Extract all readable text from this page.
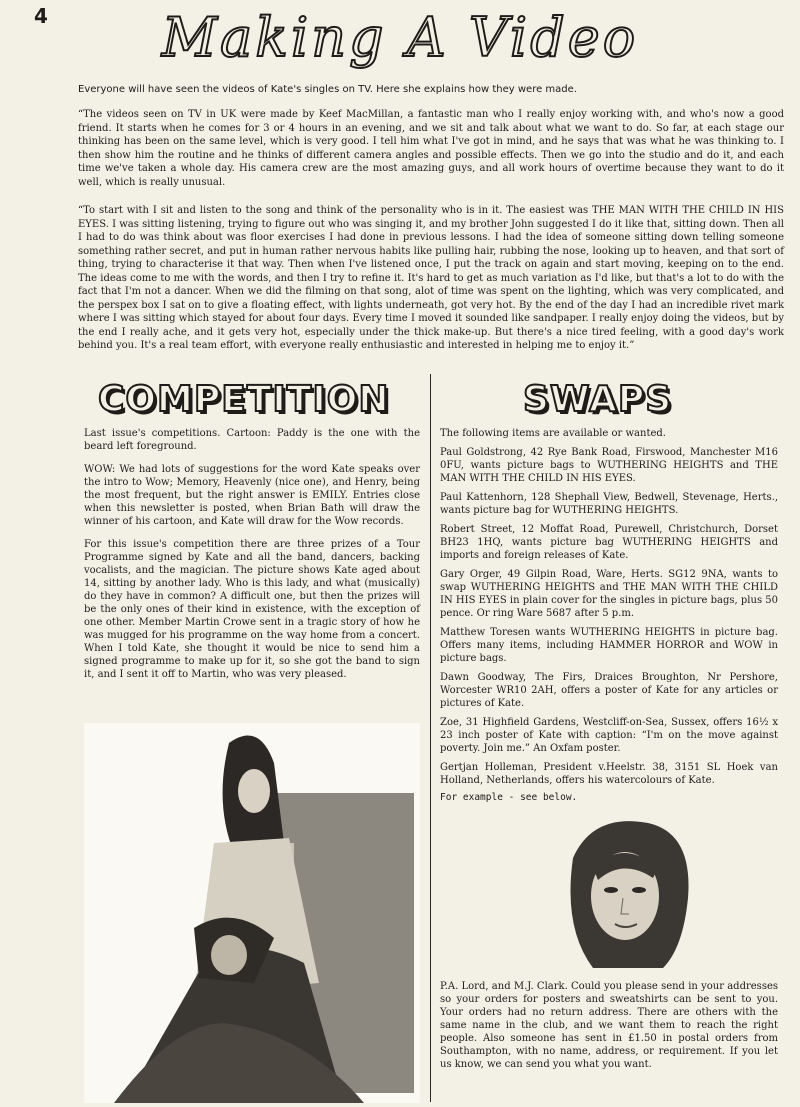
4	Making A Video
Everyone will have seen the videos of Kate's singles on TV. Here she explains how they were made.

“The videos seen on TV in UK were made by Keef MacMillan, a fantastic man who I really enjoy working with, and who's now a good friend. It starts when he comes for 3 or 4 hours in an evening, and we sit and talk about what we want to do. So far, at each stage our thinking has been on the same level, which is very good. I tell him what I've got in mind, and he says that was what he was thinking to. I then show him the routine and he thinks of different camera angles and possible effects. Then we go into the studio and do it, and each time we've taken a whole day. His camera crew are the most amazing guys, and all work hours of overtime because they want to do it well, which is really unusual.

“To start with I sit and listen to the song and think of the personality who is in it. The easiest was THE MAN WITH THE CHILD IN HIS EYES. I was sitting listening, trying to figure out who was singing it, and my brother John suggested I do it like that, sitting down. Then all I had to do was think about was floor exercises I had done in previous lessons. I had the idea of someone sitting down telling someone something rather secret, and put in human rather nervous habits like pulling hair, rubbing the nose, looking up to heaven, and that sort of thing, trying to characterise it that way. Then when I've listened once, I put the track on again and start moving, keeping on to the end. The ideas come to me with the words, and then I try to refine it. It's hard to get as much variation as I'd like, but that's a lot to do with the fact that I'm not a dancer. When we did the filming on that song, alot of time was spent on the lighting, which was very complicated, and the perspex box I sat on to give a floating effect, with lights underneath, got very hot. By the end of the day I had an incredible rivet mark where I was sitting which stayed for about four days. Every time I moved it sounded like sandpaper. I really enjoy doing the videos, but by the end I really ache, and it gets very hot, especially under the thick make-up. But there's a nice tired feeling, with a good day's work behind you. It's a real team effort, with everyone really enthusiastic and interested in helping me to enjoy it.”

COMPETITION	SWAPS

Last issue's competitions. Cartoon: Paddy is the one with the beard left foreground.

WOW: We had lots of suggestions for the word Kate speaks over the intro to Wow; Memory, Heavenly (nice one), and Henry, being the most frequent, but the right answer is EMILY. Entries close when this newsletter is posted, when Brian Bath will draw the winner of his cartoon, and Kate will draw for the Wow records.

For this issue's competition there are three prizes of a Tour Programme signed by Kate and all the band, dancers, backing vocalists, and the magician. The picture shows Kate aged about 14, sitting by another lady. Who is this lady, and what (musically) do they have in common? A difficult one, but then the prizes will be the only ones of their kind in existence, with the exception of one other. Member Martin Crowe sent in a tragic story of how he was mugged for his programme on the way home from a concert. When I told Kate, she thought it would be nice to send him a signed programme to make up for it, so she got the band to sign it, and I sent it off to Martin, who was very pleased.

The following items are available or wanted.

Paul Goldstrong, 42 Rye Bank Road, Firswood, Manchester M16 0FU, wants picture bags to WUTHERING HEIGHTS and THE MAN WITH THE CHILD IN HIS EYES.

Paul Kattenhorn, 128 Shephall View, Bedwell, Stevenage, Herts., wants picture bag for WUTHERING HEIGHTS.

Robert Street, 12 Moffat Road, Purewell, Christchurch, Dorset BH23 1HQ, wants picture bag WUTHERING HEIGHTS and imports and foreign releases of Kate.

Gary Orger, 49 Gilpin Road, Ware, Herts. SG12 9NA, wants to swap WUTHERING HEIGHTS and THE MAN WITH THE CHILD IN HIS EYES in plain cover for the singles in picture bags, plus 50 pence. Or ring Ware 5687 after 5 p.m.

Matthew Toresen wants WUTHERING HEIGHTS in picture bag. Offers many items, including HAMMER HORROR and WOW in picture bags.

Dawn Goodway, The Firs, Draices Broughton, Nr Pershore, Worcester WR10 2AH, offers a poster of Kate for any articles or pictures of Kate.

Zoe, 31 Highfield Gardens, Westcliff-on-Sea, Sussex, offers 16½ x 23 inch poster of Kate with caption: “I'm on the move against poverty. Join me.” An Oxfam poster.

Gertjan Holleman, President v.Heelstr. 38, 3151 SL Hoek van Holland, Netherlands, offers his watercolours of Kate.

For example - see below.

P.A. Lord, and M.J. Clark. Could you please send in your addresses so your orders for posters and sweatshirts can be sent to you. Your orders had no return address. There are others with the same name in the club, and we want them to reach the right people. Also someone has sent in £1.50 in postal orders from Southampton, with no name, address, or requirement. If you let us know, we can send you what you want.
